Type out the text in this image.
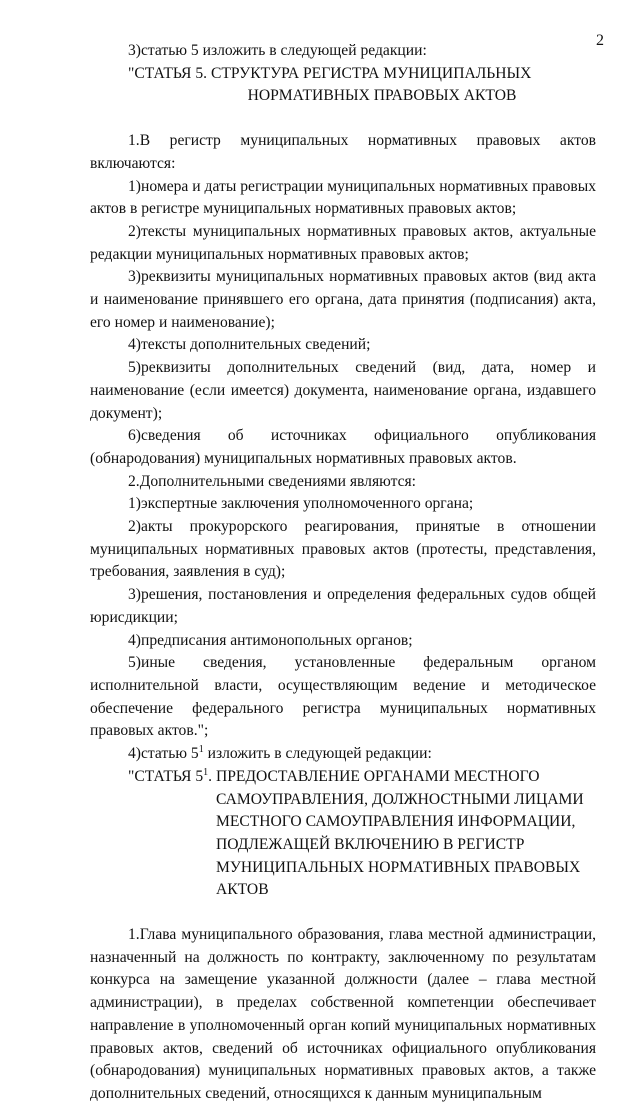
2

3)статью 5 изложить в следующей редакции:

"СТАТЬЯ 5. СТРУКТУРА РЕГИСТРА МУНИЦИПАЛЬНЫХ
НОРМАТИВНЫХ ПРАВОВЫХ АКТОВ

1.В регистр муниципальных нормативных правовых актов включаются:

1)номера и даты регистрации муниципальных нормативных правовых актов в регистре муниципальных нормативных правовых актов;

2)тексты муниципальных нормативных правовых актов, актуальные редакции муниципальных нормативных правовых актов;

3)реквизиты муниципальных нормативных правовых актов (вид акта и наименование принявшего его органа, дата принятия (подписания) акта, его номер и наименование);

4)тексты дополнительных сведений;

5)реквизиты дополнительных сведений (вид, дата, номер и наименование (если имеется) документа, наименование органа, издавшего документ);

6)сведения об источниках официального опубликования (обнародования) муниципальных нормативных правовых актов.

2.Дополнительными сведениями являются:

1)экспертные заключения уполномоченного органа;

2)акты прокурорского реагирования, принятые в отношении муниципальных нормативных правовых актов (протесты, представления, требования, заявления в суд);

3)решения, постановления и определения федеральных судов общей юрисдикции;

4)предписания антимонопольных органов;

5)иные сведения, установленные федеральным органом исполнительной власти, осуществляющим ведение и методическое обеспечение федерального регистра муниципальных нормативных правовых актов.";

4)статью $5^1$ изложить в следующей редакции:

"СТАТЬЯ $5^1$. ПРЕДОСТАВЛЕНИЕ ОРГАНАМИ МЕСТНОГО
САМОУПРАВЛЕНИЯ, ДОЛЖНОСТНЫМИ ЛИЦАМИ
МЕСТНОГО САМОУПРАВЛЕНИЯ ИНФОРМАЦИИ,
ПОДЛЕЖАЩЕЙ ВКЛЮЧЕНИЮ В РЕГИСТР
МУНИЦИПАЛЬНЫХ НОРМАТИВНЫХ ПРАВОВЫХ
АКТОВ

1.Глава муниципального образования, глава местной администрации, назначенный на должность по контракту, заключенному по результатам конкурса на замещение указанной должности (далее – глава местной администрации), в пределах собственной компетенции обеспечивает направление в уполномоченный орган копий муниципальных нормативных правовых актов, сведений об источниках официального опубликования (обнародования) муниципальных нормативных правовых актов, а также дополнительных сведений, относящихся к данным муниципальным
